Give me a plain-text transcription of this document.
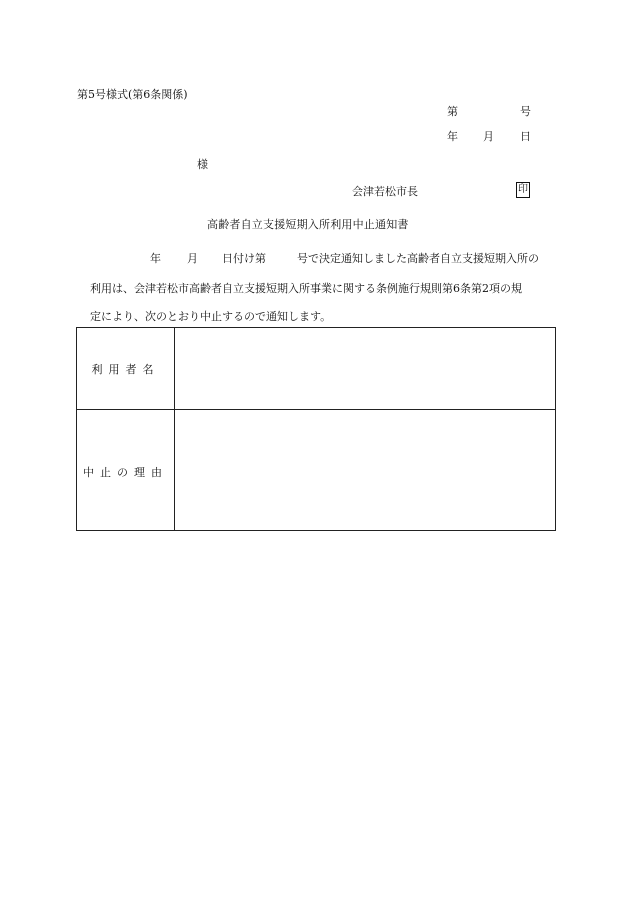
第5号様式(第6条関係)
第	号
年 月 日
様
会津若松市長	印
高齢者自立支援短期入所利用中止通知書
年 月 日付け第	号で決定通知しました高齢者自立支援短期入所の
利用は、会津若松市高齢者自立支援短期入所事業に関する条例施行規則第6条第2項の規
定により、次のとおり中止するので通知します。
利用者名
中止の理由
